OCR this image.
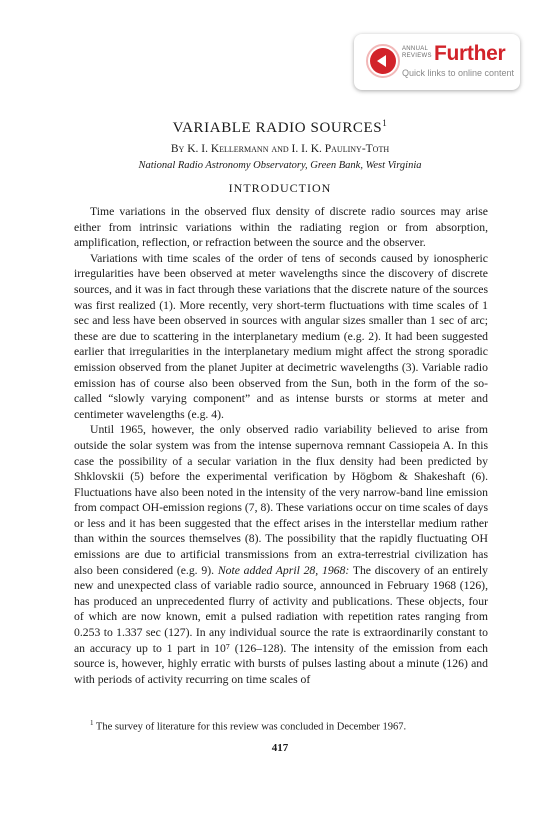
ANNUAL
REVIEWS Further
Quick links to online content
VARIABLE RADIO SOURCES$^1$
By K. I. Kellermann and I. I. K. Pauliny-Toth
National Radio Astronomy Observatory, Green Bank, West Virginia
INTRODUCTION

Time variations in the observed flux density of discrete radio sources may arise either from intrinsic variations within the radiating region or from absorption, amplification, reflection, or refraction between the source and the observer.

Variations with time scales of the order of tens of seconds caused by ionospheric irregularities have been observed at meter wavelengths since the discovery of discrete sources, and it was in fact through these variations that the discrete nature of the sources was first realized (1). More recently, very short-term fluctuations with time scales of 1 sec and less have been observed in sources with angular sizes smaller than 1 sec of arc; these are due to scattering in the interplanetary medium (e.g. 2). It had been suggested earlier that irregularities in the interplanetary medium might affect the strong sporadic emission observed from the planet Jupiter at decimetric wavelengths (3). Variable radio emission has of course also been observed from the Sun, both in the form of the so-called “slowly varying component” and as intense bursts or storms at meter and centimeter wavelengths (e.g. 4).

Until 1965, however, the only observed radio variability believed to arise from outside the solar system was from the intense supernova remnant Cassiopeia A. In this case the possibility of a secular variation in the flux density had been predicted by Shklovskii (5) before the experimental verification by Högbom & Shakeshaft (6). Fluctuations have also been noted in the intensity of the very narrow-band line emission from compact OH-emission regions (7, 8). These variations occur on time scales of days or less and it has been suggested that the effect arises in the interstellar medium rather than within the sources themselves (8). The possibility that the rapidly fluctuating OH emissions are due to artificial transmissions from an extra-terrestrial civilization has also been considered (e.g. 9). Note added April 28, 1968: The discovery of an entirely new and unexpected class of variable radio source, announced in February 1968 (126), has produced an unprecedented flurry of activity and publications. These objects, four of which are now known, emit a pulsed radiation with repetition rates ranging from 0.253 to 1.337 sec (127). In any individual source the rate is extraordinarily constant to an accuracy up to 1 part in 10⁷ (126–128). The intensity of the emission from each source is, however, highly erratic with bursts of pulses lasting about a minute (126) and with periods of activity recurring on time scales of

$^1$ The survey of literature for this review was concluded in December 1967.
417
